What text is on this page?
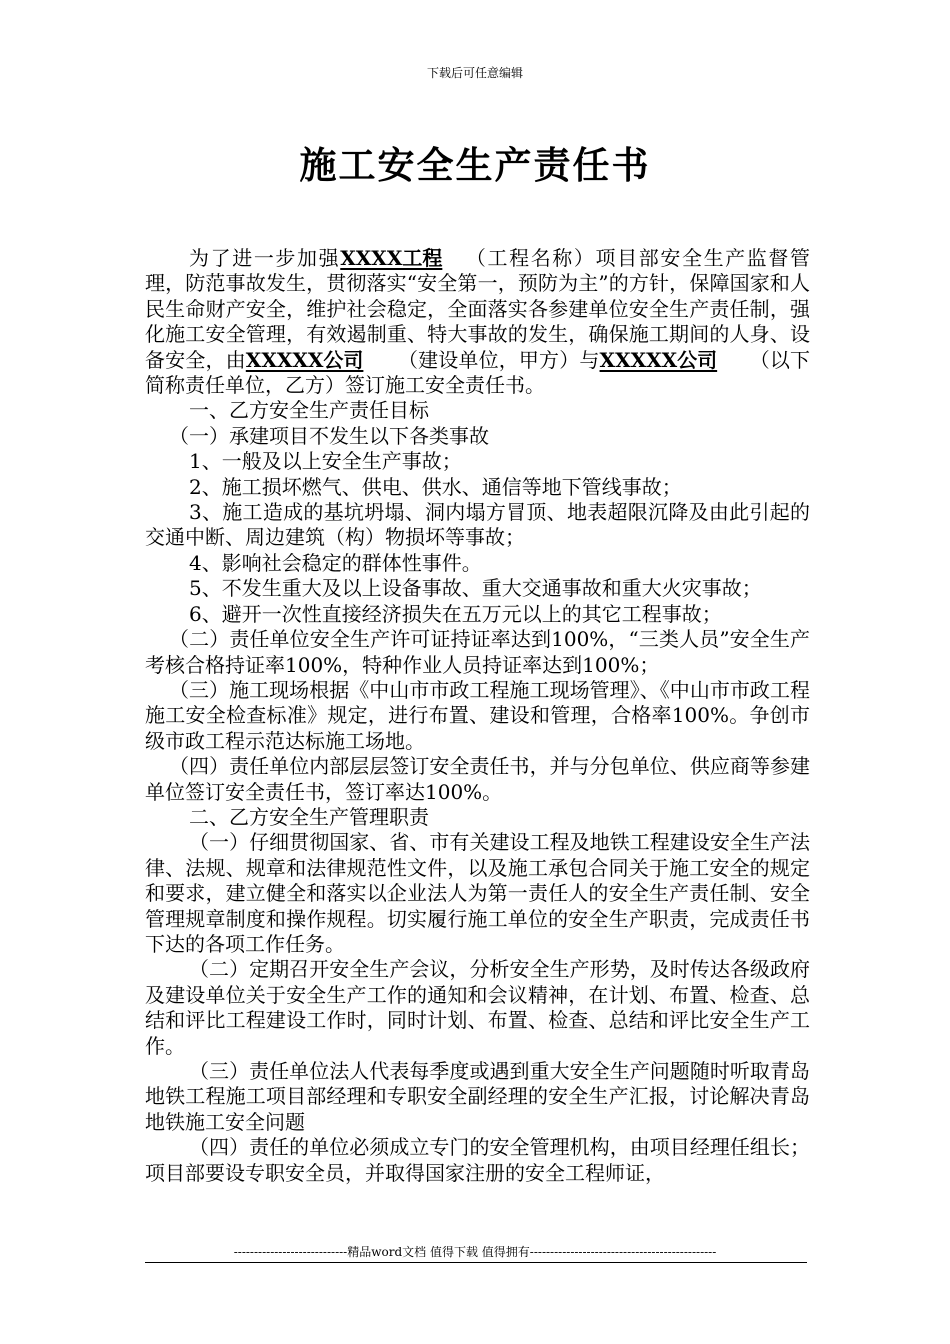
下载后可任意编辑
施工安全生产责任书

为了进一步加强XXXX工程 （工程名称）项目部安全生产监督管理，防范事故发生，贯彻落实“安全第一，预防为主”的方针，保障国家和人民生命财产安全，维护社会稳定，全面落实各参建单位安全生产责任制，强化施工安全管理，有效遏制重、特大事故的发生，确保施工期间的人身、设备安全，由XXXXX公司 （建设单位，甲方）与XXXXX公司 （以下简称责任单位，乙方）签订施工安全责任书。

一、乙方安全生产责任目标

（一）承建项目不发生以下各类事故

1、一般及以上安全生产事故；

2、施工损坏燃气、供电、供水、通信等地下管线事故；

3、施工造成的基坑坍塌、洞内塌方冒顶、地表超限沉降及由此引起的交通中断、周边建筑（构）物损坏等事故；

4、影响社会稳定的群体性事件。

5、不发生重大及以上设备事故、重大交通事故和重大火灾事故；

6、避开一次性直接经济损失在五万元以上的其它工程事故；

（二）责任单位安全生产许可证持证率达到100%，“三类人员”安全生产考核合格持证率100%，特种作业人员持证率达到100%；

（三）施工现场根据《中山市市政工程施工现场管理》、《中山市市政工程施工安全检查标准》规定，进行布置、建设和管理，合格率100%。争创市级市政工程示范达标施工场地。

（四）责任单位内部层层签订安全责任书，并与分包单位、供应商等参建单位签订安全责任书，签订率达100%。

二、乙方安全生产管理职责

（一）仔细贯彻国家、省、市有关建设工程及地铁工程建设安全生产法律、法规、规章和法律规范性文件，以及施工承包合同关于施工安全的规定和要求，建立健全和落实以企业法人为第一责任人的安全生产责任制、安全管理规章制度和操作规程。切实履行施工单位的安全生产职责，完成责任书下达的各项工作任务。

（二）定期召开安全生产会议，分析安全生产形势，及时传达各级政府及建设单位关于安全生产工作的通知和会议精神，在计划、布置、检查、总结和评比工程建设工作时，同时计划、布置、检查、总结和评比安全生产工作。

（三）责任单位法人代表每季度或遇到重大安全生产问题随时听取青岛地铁工程施工项目部经理和专职安全副经理的安全生产汇报，讨论解决青岛地铁施工安全问题

（四）责任的单位必须成立专门的安全管理机构，由项目经理任组长；项目部要设专职安全员，并取得国家注册的安全工程师证，

----------------------------精品word文档 值得下载 值得拥有----------------------------------------------
